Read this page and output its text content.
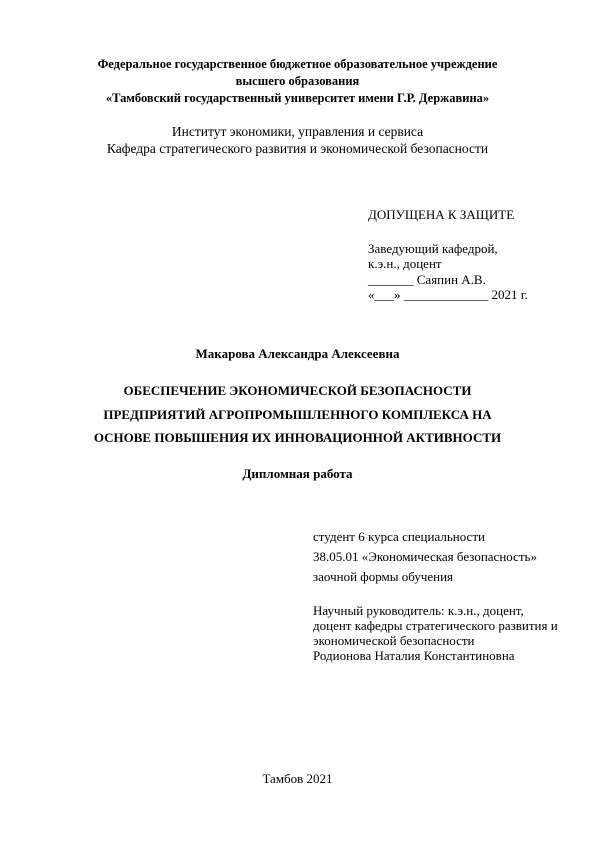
Федеральное государственное бюджетное образовательное учреждение
высшего образования
«Тамбовский государственный университет имени Г.Р. Державина»
Институт экономики, управления и сервиса
Кафедра стратегического развития и экономической безопасности
ДОПУЩЕНА К ЗАЩИТЕ
Заведующий кафедрой,
к.э.н., доцент
_______ Саяпин А.В.
«___» _____________ 2021 г.
Макарова Александра Алексеевна
ОБЕСПЕЧЕНИЕ ЭКОНОМИЧЕСКОЙ БЕЗОПАСНОСТИ
ПРЕДПРИЯТИЙ АГРОПРОМЫШЛЕННОГО КОМПЛЕКСА НА
ОСНОВЕ ПОВЫШЕНИЯ ИХ ИННОВАЦИОННОЙ АКТИВНОСТИ
Дипломная работа
студент 6 курса специальности
38.05.01 «Экономическая безопасность»
заочной формы обучения
Научный руководитель: к.э.н., доцент,
доцент кафедры стратегического развития и
экономической безопасности
Родионова Наталия Константиновна
Тамбов 2021
